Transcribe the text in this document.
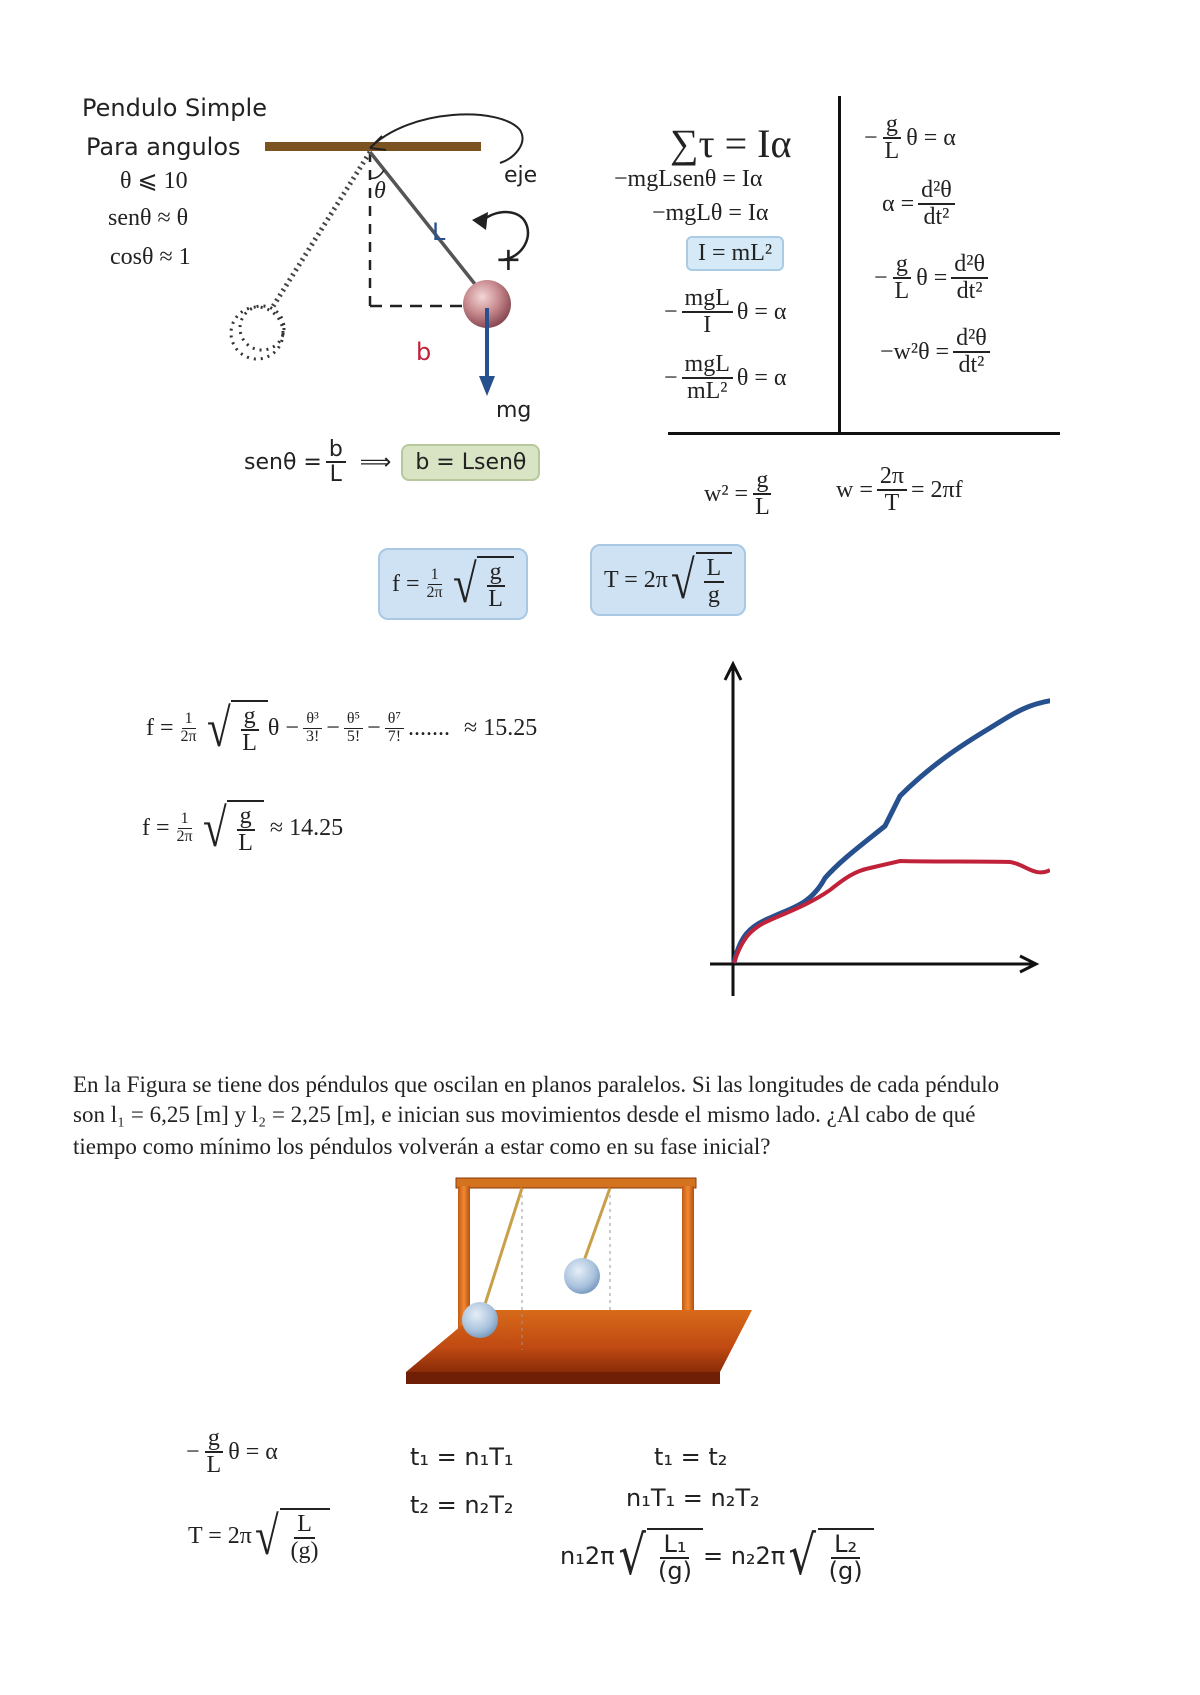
Pendulo Simple
Para angulos
θ ⩽ 10
senθ ≈ θ
cosθ ≈ 1
θ
eje
L
+
b
mg
$sen\theta = \frac{b}{L}$ ⟹	b = Lsenθ
∑τ = Iα
−mgLsenθ = Iα
−mgLθ = Iα
I = mL²
− $\frac{\text{mgL}}{I}$ θ = α
− $\frac{\text{mgL}}{\text{mL²}}$ θ = α
− $\frac{g}{L}$ θ = α
$\alpha = \frac{\text{d²θ}}{\text{dt²}}$
− $\frac{g}{L}$ $\theta = \frac{\text{d²θ}}{\text{dt²}}$
$-w^2\theta = \frac{\text{d²θ}}{\text{dt²}}$
$w^2 = \frac{g}{L}$	$w = \frac{2\pi}{T} = 2\pi f$
$f = \frac{1}{2\pi}$ √ $\frac{g}{L}$	T = 2π √ $\frac{L}{g}$
$f = \frac{1}{2\pi}$ √ $\frac{g}{L}$ $\theta - \frac{\text{θ³}}{3!} - \frac{\text{θ⁵}}{5!} - \frac{\text{θ⁷}}{7!}$ ....... ≈ 15.25
$f = \frac{1}{2\pi}$ √ $\frac{g}{L} \approx 14.25$
En la Figura se tiene dos péndulos que oscilan en planos paralelos. Si las longitudes de cada péndulo
son l₁ = 6,25 [m] y l₂ = 2,25 [m], e inician sus movimientos desde el mismo lado. ¿Al cabo de qué
tiempo como mínimo los péndulos volverán a estar como en su fase inicial?
− $\frac{g}{L}$ θ = α
T = 2π √ $\frac{L}{(g)}$
t₁ = n₁T₁
t₂ = n₂T₂
t₁ = t₂
n₁T₁ = n₂T₂
n₁2π √ $\frac{\text{L₁}}{(g)} = n_22\pi$ √ $\frac{\text{L₂}}{(g)}$
